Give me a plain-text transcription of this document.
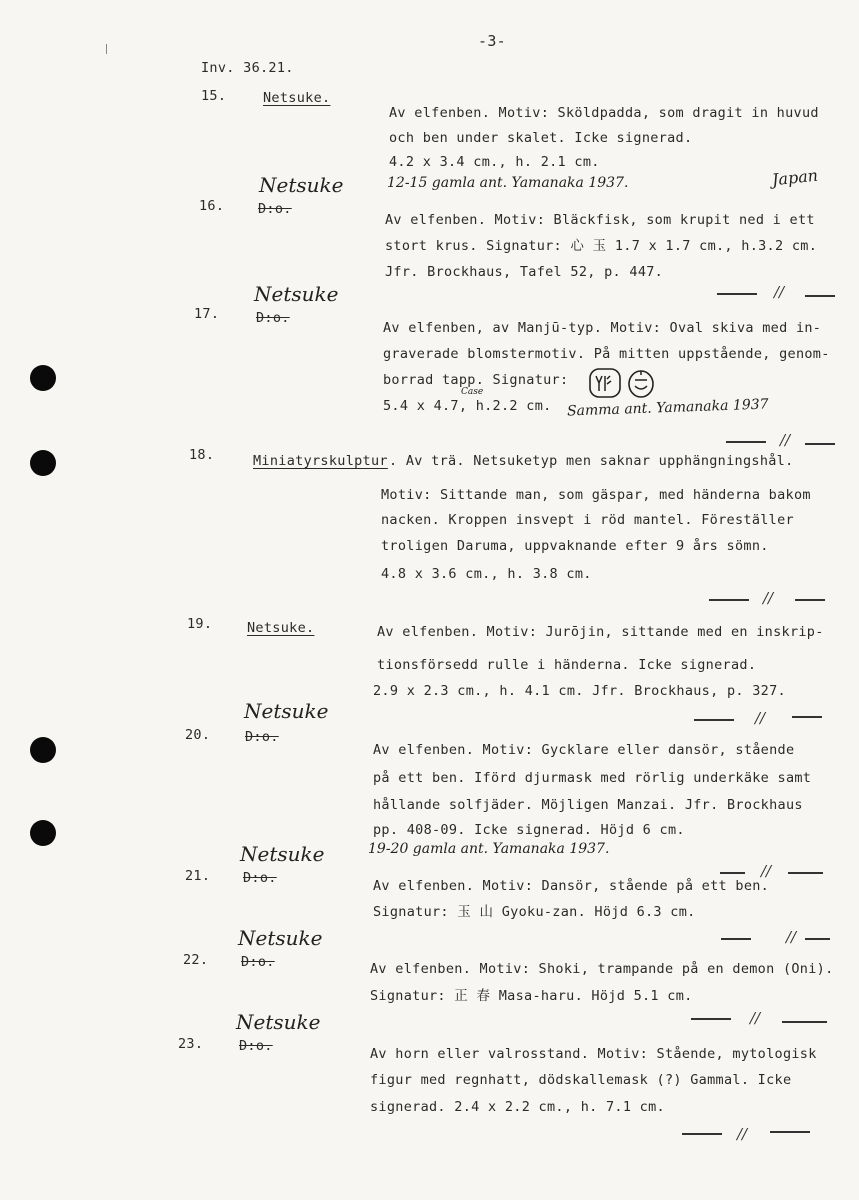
-3-
Inv. 36.21.
15.	Netsuke.
Av elfenben. Motiv: Sköldpadda, som dragit in huvud
och ben under skalet. Icke signerad.
4.2 x 3.4 cm., h. 2.1 cm.
12-15 gamla ant. Yamanaka 1937.	Japan
Netsuke
16. D:o.
Av elfenben. Motiv: Bläckfisk, som krupit ned i ett
stort krus. Signatur: 心 玉 1.7 x 1.7 cm., h.3.2 cm.
Jfr. Brockhaus, Tafel 52, p. 447.
//
Netsuke
17.	D:o.
Av elfenben, av Manjū-typ. Motiv: Oval skiva med in-
graverade blomstermotiv. På mitten uppstående, genom-
borrad tapp. Signatur:
5.4 x 4.7, h.2.2 cm.
Case
Samma ant. Yamanaka 1937
//
18.	Miniatyrskulptur . Av trä. Netsuketyp men saknar upphängningshål.
Motiv: Sittande man, som gäspar, med händerna bakom
nacken. Kroppen insvept i röd mantel. Föreställer
troligen Daruma, uppvaknande efter 9 års sömn.
4.8 x 3.6 cm., h. 3.8 cm.
//
19.	Netsuke.	Av elfenben. Motiv: Jurōjin, sittande med en inskrip-
tionsförsedd rulle i händerna. Icke signerad.
2.9 x 2.3 cm., h. 4.1 cm. Jfr. Brockhaus, p. 327.
//
Netsuke
20.	D:o.
Av elfenben. Motiv: Gycklare eller dansör, stående
på ett ben. Iförd djurmask med rörlig underkäke samt
hållande solfjäder. Möjligen Manzai. Jfr. Brockhaus
pp. 408-09. Icke signerad. Höjd 6 cm.
19-20 gamla ant. Yamanaka 1937.
Netsuke
21. D:o.	Av elfenben. Motiv: Dansör, stående på ett ben.
Signatur: 玉 山 Gyoku-zan. Höjd 6.3 cm.
//
//
Netsuke
22. D:o.	Av elfenben. Motiv: Shoki, trampande på en demon (Oni).
Signatur: 正 春 Masa-haru. Höjd 5.1 cm.
//
Netsuke
23.	D:o.	Av horn eller valrosstand. Motiv: Stående, mytologisk
figur med regnhatt, dödskallemask (?) Gammal. Icke
signerad. 2.4 x 2.2 cm., h. 7.1 cm.
//
